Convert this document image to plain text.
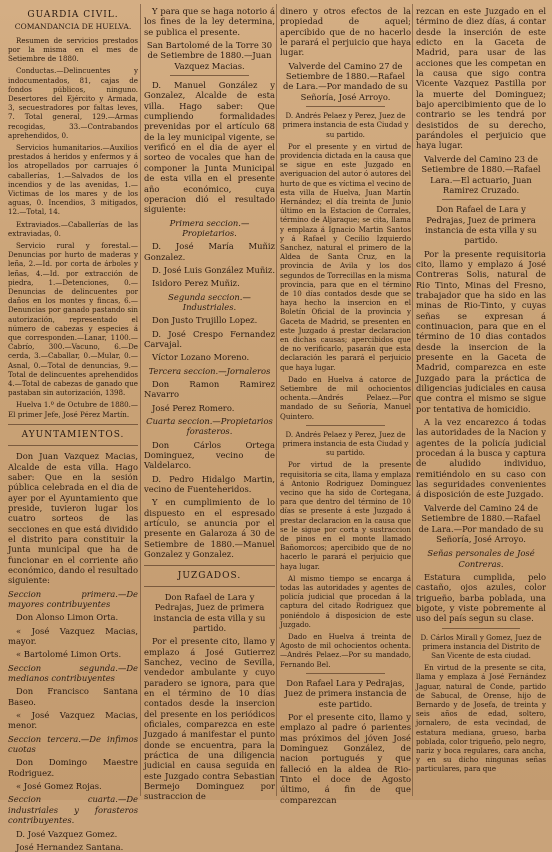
GUARDIA CIVIL.
COMANDANCIA DE HUELVA.

Resumen de servicios prestados por la misma en el mes de Setiembre de 1880.

Conductas.—Delincuentes y indocumentados, 81, cajas de fondos públicos, ninguno. Desertores del Ejército y Armada, 3, secuestradores por faltas leves, 7. Total general, 129.—Armas recogidas, 33.—Contrabandos aprehendidos, 0.

Servicios humanitarios.—Auxilios prestados á heridos y enfermos y á los atropellados por carruajes ó caballerías, 1.—Salvados de los incendios y de las avenidas, 1.—Victimas de los mares y de los aguas, 0. Incendios, 3 mitigados, 12.—Total, 14.

Extraviados.—Caballerías de las extraviadas, 0.

Servicio rural y forestal.—Denuncias por hurto de maderas y leña, 2.—Id. por corta de árboles y leñas, 4.—Id. por extracción de piedra, 1.—Detenciones, 0.—Denuncias de delincuentes por daños en los montes y fincas, 6.—Denuncias por ganado pastando sin autorización, representado el número de cabezas y especies á que corresponden.—Lanar, 1100.—Cabrío, 300.—Vacuno, 6.—De cerda, 3.—Caballar, 0.—Mular, 0.—Asnal, 0.—Total de denuncias, 9.—Total de delincuentes aprehendidos 4.—Total de cabezas de ganado que pastaban sin autorización, 1398.

Huelva 1.º de Octubre de 1880.—El primer Jefe, José Pérez Martín.

AYUNTAMIENTOS.

Don Juan Vazquez Macias, Alcalde de esta villa. Hago saber: Que en la sesión pública celebrada en el dia de ayer por el Ayuntamiento que preside, tuvieron lugar los cuatro sorteos de las secciones en que está dividido el distrito para constituir la Junta municipal que ha de funcionar en el corriente año económico, dando el resultado siguiente:

Seccion primera.—De mayores contribuyentes

Don Alonso Limon Orta.

« José Vazquez Macias, mayor.

« Bartolomé Limon Orts.

Seccion segunda.—De medianos contribuyentes

Don Francisco Santana Baseo.

« José Vazquez Macias, menor.

Seccion tercera.—De infimos cuotas

Don Domingo Maestre Rodriguez.

« José Gomez Rojas.

Seccion cuarta.—De industriales y forasteros contribuyentes.

D. José Vazquez Gomez.

José Hernandez Santana.

Y para que se haga notorio á los fines de la ley determina, se publica el presente.

San Bartolomé de la Torre 30 de Setiembre de 1880.—Juan Vazquez Macias.

D. Manuel González y Gonzalez, Alcalde de esta villa. Hago saber: Que cumpliendo formalidades prevenidas por el artículo 68 de la ley municipal vigente, se verificó en el dia de ayer el sorteo de vocales que han de componer la Junta Municipal de esta villa en el presente año económico, cuya operacion dió el resultado siguiente:

Primera seccion.—Propietarios.

D. José María Muñiz Gonzalez.

D. José Luis González Muñiz.

Isidoro Perez Muñiz.

Segunda seccion.—Industriales.

Don Justo Trujillo Lopez.

D. José Crespo Fernandez Carvajal.

Víctor Lozano Moreno.

Tercera seccion.—Jornaleros

Don Ramon Ramirez Navarro

José Perez Romero.

Cuarta seccion.—Propietarios forasteros.

Don Cárlos Ortega Dominguez, vecino de Valdelarco.

D. Pedro Hidalgo Martin, vecino de Fuenteheridos.

Y en cumplimiento de lo dispuesto en el espresado artículo, se anuncia por el presente en Galaroza á 30 de Setiembre de 1880.—Manuel Gonzalez y Gonzalez.

JUZGADOS.

Don Rafael de Lara y Pedrajas, Juez de primera instancia de esta villa y su partido.

Por el presente cito, llamo y emplazo á José Gutierrez Sanchez, vecino de Sevilla, vendedor ambulante y cuyo paradero se ignora, para que en el término de 10 días contados desde la insercion del presente en los periódicos oficiales, comparezca en este Juzgado á manifestar el punto donde se encuentra, para la práctica de una diligencia judicial en causa seguida en este Juzgado contra Sebastian Bermejo Dominguez por sustraccion de

dinero y otros efectos de la propiedad de aquel; apercibido que de no hacerlo le parará el perjuicio que haya lugar.

Valverde del Camino 27 de Setiembre de 1880.—Rafael de Lara.—Por mandado de su Señoría, José Arroyo.

D. Andrés Pelaez y Perez, Juez de primera instancia de esta Ciudad y su partido.

Por el presente y en virtud de providencia dictada en la causa que se sigue en este Juzgado en averiguacion del autor ó autores del hurto de que es víctima el vecino de esta villa de Huelva, Juan Martín Hernández; el día treinta de Junio último en la Estacion de Corrales, término de Aljaraque; se cita, llama y emplaza á Ignacio Martin Santos y á Rafael y Cecilio Izquierdo Sanchez, natural el primero de la Aldea de Santa Cruz, en la provincia de Avila y los dos segundos de Torrecillas en la misma provincia, para que en el término de 10 días contados desde que se haya hecho la insercion en el Boletín Oficial de la provincia y Gaceta de Madrid, se presenten en este Juzgado á prestar declaracion en dichas causas; apercibidos que de no verificarlo, pasarán que esta declaración les parará el perjuicio que haya lugar.

Dado en Huelva á catorce de Setiembre de mil ochocientos ochenta.—Andrés Pelaez.—Por mandado de su Señoría, Manuel Quintero.

D. Andrés Pelaez y Perez, Juez de primera instancia de esta Ciudad y su partido.

Por virtud de la presente requisitoria se cita, llama y emplaza á Antonio Rodriguez Dominguez vecino que ha sido de Cortegana, para que dentro del término de 10 días se presente á este Juzgado á prestar declaracion en la causa que se le sigue por corta y sustraccion de pinos en el monte llamado Bañomorcos; apercibido que de no hacerlo le parará el perjuicio que haya lugar.

Al mismo tiempo se encarga á todas las autoridades y agentes de policía judicial que procedan á la captura del citado Rodriguez que poniéndolo á disposicion de este Juzgado.

Dado en Huelva á treinta de Agosto de mil ochocientos ochenta.—Andrés Pelaez.—Por su mandado, Fernando Bel.

Don Rafael Lara y Pedrajas, Juez de primera instancia de este partido.

Por el presente cito, llamo y emplazo al padre ó parientes mas próximos del jóven José Dominguez González, de nacion portugués y que falleció en la aldea de Rio-Tinto el doce de Agosto último, á fin de que comparezcan

rezcan en este Juzgado en el término de diez días, á contar desde la inserción de este edicto en la Gaceta de Madrid, para usar de las acciones que les competan en la causa que sigo contra Vicente Vazquez Pastilla por la muerte del Dominguez; bajo apercibimiento que de lo contrario se les tendrá por desistidos de su derecho, parándoles el perjuicio que haya lugar.

Valverde del Camino 23 de Setiembre de 1880.—Rafael Lara.—El actuario, Juan Ramirez Cruzado.

Don Rafael de Lara y Pedrajas, Juez de primera instancia de esta villa y su partido.

Por la presente requisitoria cito, llamo y emplazo á José Contreras Solis, natural de Rio Tinto, Minas del Fresno, trabajador que ha sido en las minas de Rio-Tinto, y cuyas señas se expresan á continuacion, para que en el término de 10 dias contados desde la insercion de la presente en la Gaceta de Madrid, comparezca en este Juzgado para la práctica de diligencias judiciales en causa que contra el mismo se sigue por tentativa de homicidio.

A la vez encarezco á todas las autoridades de la Nacion y agentes de la policía judicial procedan á la busca y captura de aludido individuo, remitiéndolo en su caso con las seguridades convenientes á disposición de este Juzgado.

Valverde del Camino 24 de Setiembre de 1880.—Rafael de Lara.—Por mandado de su Señoría, José Arroyo.

Señas personales de José Contreras.

Estatura cumplida, pelo castaño, ojos azules, color trigueño, barba poblada, una bigote, y viste pobremente al uso del país segun su clase.

D. Cárlos Mirall y Gomez, Juez de primera instancia del Distrito de San Vicente de esta ciudad.

En virtud de la presente se cita, llama y emplaza á José Fernández Jaguar, natural de Conde, partido de Sabucal, de Orense, hijo de Bernardo y de Josefa, de treinta y seis años de edad, soltero, jornalero, de esta vecindad, de estatura mediana, grueso, barba poblada, color trigueño, pelo negro, nariz y boca regulares, cara ancha, y en su dicho ningunas señas particulares, para que
